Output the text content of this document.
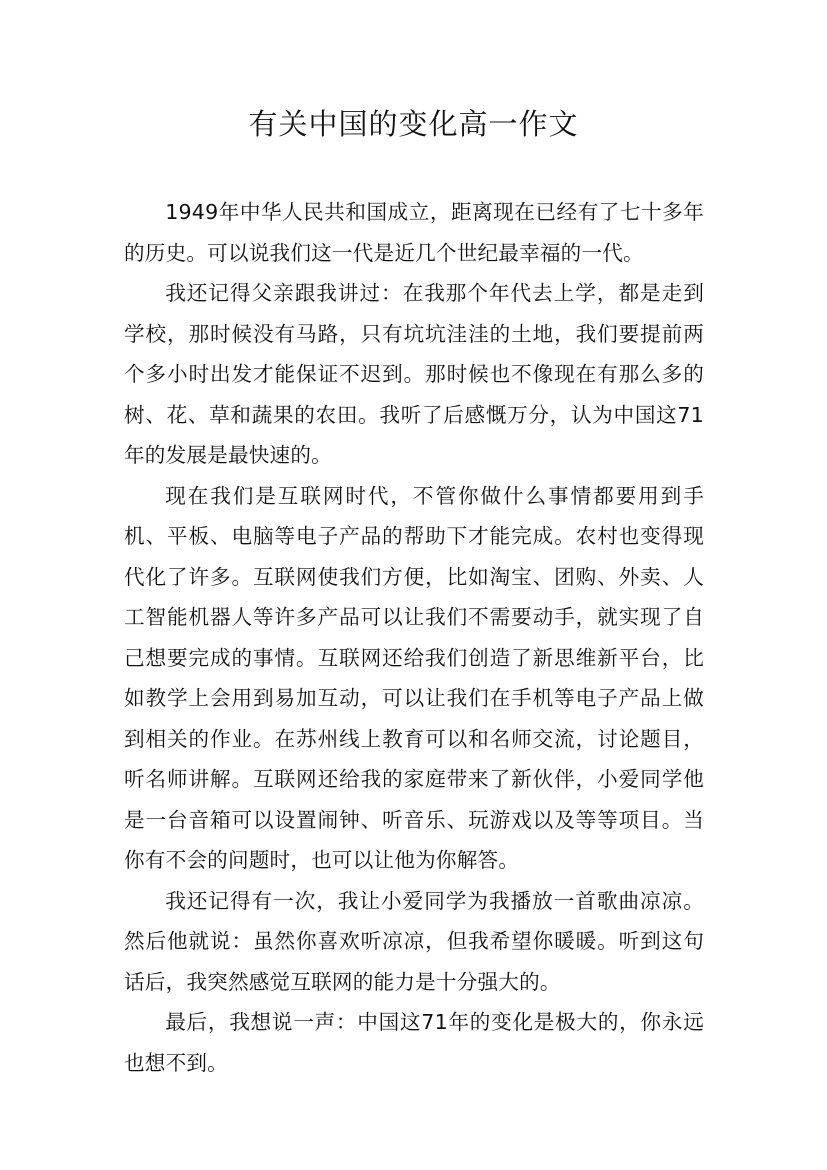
有关中国的变化高一作文

1949年中华人民共和国成立，距离现在已经有了七十多年的历史。可以说我们这一代是近几个世纪最幸福的一代。

我还记得父亲跟我讲过：在我那个年代去上学，都是走到学校，那时候没有马路，只有坑坑洼洼的土地，我们要提前两个多小时出发才能保证不迟到。那时候也不像现在有那么多的树、花、草和蔬果的农田。我听了后感慨万分，认为中国这71年的发展是最快速的。

现在我们是互联网时代，不管你做什么事情都要用到手机、平板、电脑等电子产品的帮助下才能完成。农村也变得现代化了许多。互联网使我们方便，比如淘宝、团购、外卖、人工智能机器人等许多产品可以让我们不需要动手，就实现了自己想要完成的事情。互联网还给我们创造了新思维新平台，比如教学上会用到易加互动，可以让我们在手机等电子产品上做到相关的作业。在苏州线上教育可以和名师交流，讨论题目，听名师讲解。互联网还给我的家庭带来了新伙伴，小爱同学他是一台音箱可以设置闹钟、听音乐、玩游戏以及等等项目。当你有不会的问题时，也可以让他为你解答。

我还记得有一次，我让小爱同学为我播放一首歌曲凉凉。然后他就说：虽然你喜欢听凉凉，但我希望你暖暖。听到这句话后，我突然感觉互联网的能力是十分强大的。

最后，我想说一声：中国这71年的变化是极大的，你永远也想不到。
